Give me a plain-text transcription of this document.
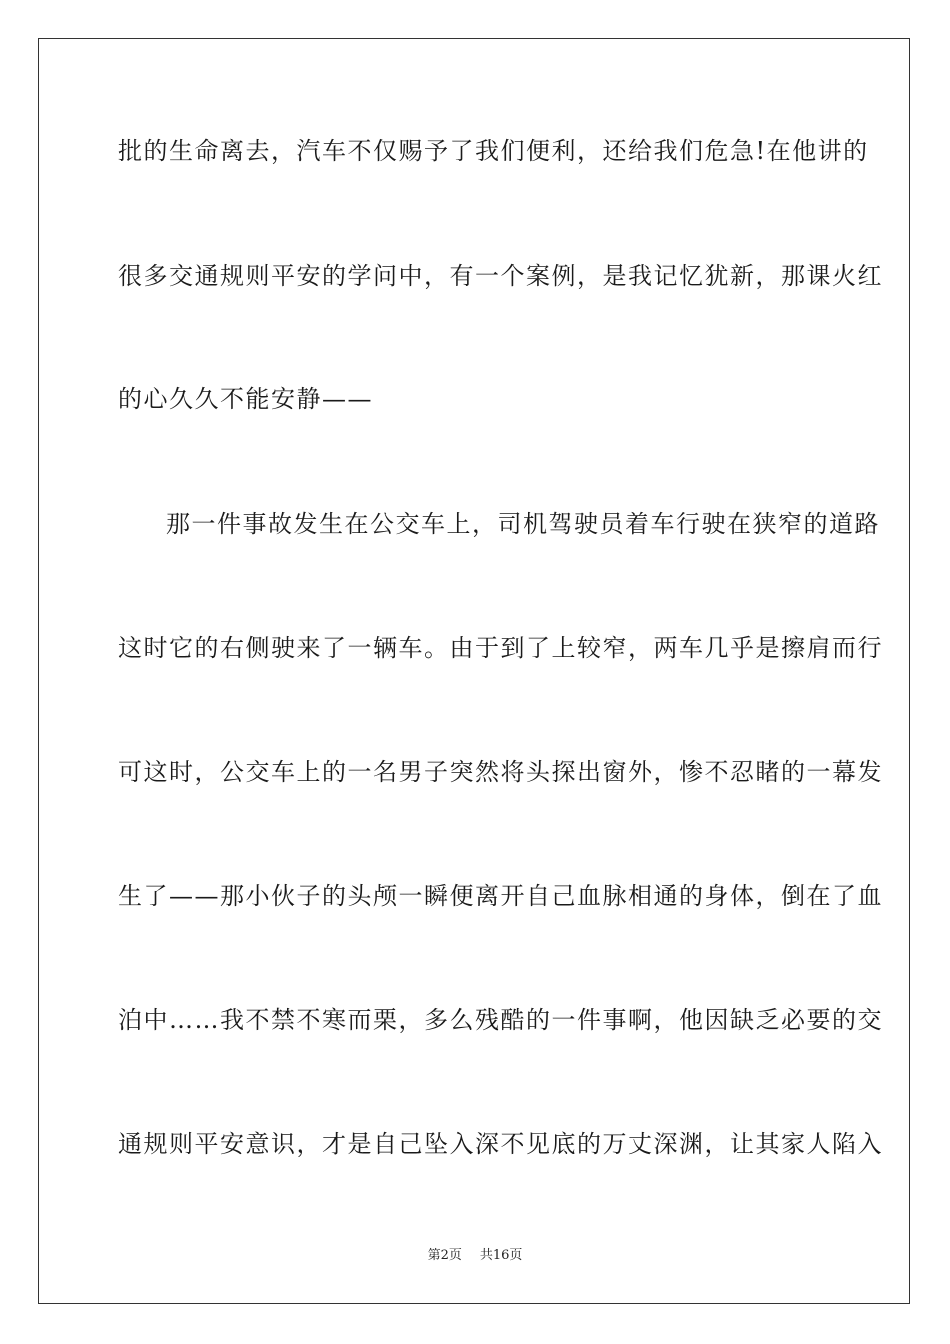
批的生命离去，汽车不仅赐予了我们便利，还给我们危急!在他讲的
很多交通规则平安的学问中，有一个案例，是我记忆犹新，那课火红
的心久久不能安静——
那一件事故发生在公交车上，司机驾驶员着车行驶在狭窄的道路
这时它的右侧驶来了一辆车。由于到了上较窄，两车几乎是擦肩而行
可这时，公交车上的一名男子突然将头探出窗外，惨不忍睹的一幕发
生了——那小伙子的头颅一瞬便离开自己血脉相通的身体，倒在了血
泊中……我不禁不寒而栗，多么残酷的一件事啊，他因缺乏必要的交
通规则平安意识，才是自己坠入深不见底的万丈深渊，让其家人陷入
第2页 共16页
